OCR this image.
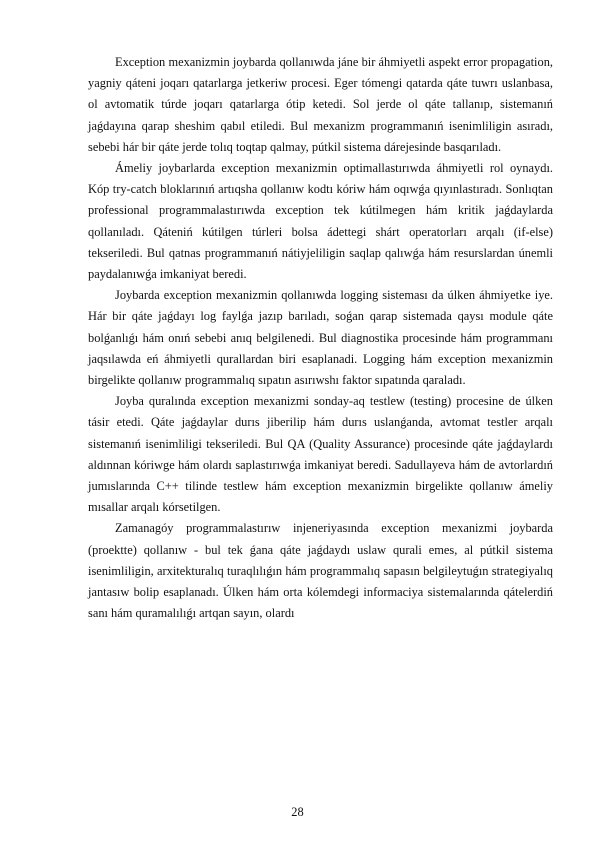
Exception mexanizmin joybarda qollanıwda jáne bir áhmiyetli aspekt error propagation, yagniy qáteni joqarı qatarlarga jetkeriw procesi. Eger tómengi qatarda qáte tuwrı uslanbasa, ol avtomatik túrde joqarı qatarlarga ótip ketedi. Sol jerde ol qáte tallanıp, sistemanıń jaǵdayına qarap sheshim qabıl etiledi. Bul mexanizm programmanıń isenimliligin asıradı, sebebi hár bir qáte jerde tolıq toqtap qalmay, pútkil sistema dárejesinde basqarıladı.

Ámeliy joybarlarda exception mexanizmin optimallastırıwda áhmiyetli rol oynaydı. Kóp try-catch bloklarınıń artıqsha qollanıw kodtı kóriw hám oqıwǵa qıyınlastıradı. Sonlıqtan professional programmalastırıwda exception tek kútilmegen hám kritik jaǵdaylarda qollanıladı. Qáteniń kútilgen túrleri bolsa ádettegi shárt operatorları arqalı (if-else) tekseriledi. Bul qatnas programmanıń nátiyjeliligin saqlap qalıwǵa hám resurslardan únemli paydalanıwǵa imkaniyat beredi.

Joybarda exception mexanizmin qollanıwda logging sisteması da úlken áhmiyetke iye. Hár bir qáte jaǵdayı log faylǵa jazıp barıladı, soǵan qarap sistemada qaysı module qáte bolǵanlıǵı hám onıń sebebi anıq belgilenedi. Bul diagnostika procesinde hám programmanı jaqsılawda eń áhmiyetli qurallardan biri esaplanadi. Logging hám exception mexanizmin birgelikte qollanıw programmalıq sıpatın asırıwshı faktor sıpatında qaraladı.

Joyba quralında exception mexanizmi sonday-aq testlew (testing) procesine de úlken tásir etedi. Qáte jaǵdaylar durıs jiberilip hám durıs uslanǵanda, avtomat testler arqalı sistemanıń isenimliligi tekseriledi. Bul QA (Quality Assurance) procesinde qáte jaǵdaylardı aldınnan kóriwge hám olardı saplastırıwǵa imkaniyat beredi. Sadullayeva hám de avtorlardıń jumıslarında C++ tilinde testlew hám exception mexanizmin birgelikte qollanıw ámeliy mısallar arqalı kórsetilgen.

Zamanagóy programmalastırıw injeneriyasında exception mexanizmi joybarda (proektte) qollanıw - bul tek ǵana qáte jaǵdaydı uslaw qurali emes, al pútkil sistema isenimliligin, arxitekturalıq turaqlılıǵın hám programmalıq sapasın belgileytuǵın strategiyalıq jantasıw bolip esaplanadı. Úlken hám orta kólemdegi informaciya sistemalarında qátelerdiń sanı hám quramalılıǵı artqan sayın, olardı

28
